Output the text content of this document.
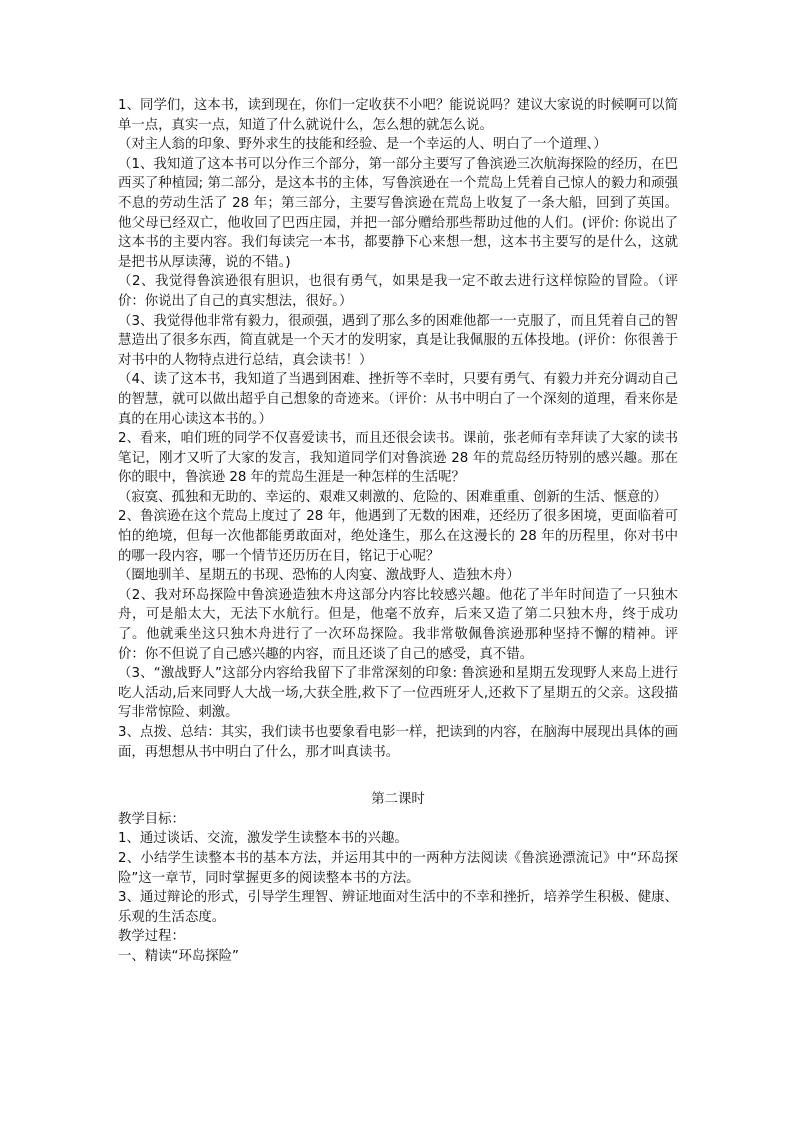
1、同学们，这本书，读到现在，你们一定收获不小吧？能说说吗？建议大家说的时候啊可以简单一点，真实一点，知道了什么就说什么，怎么想的就怎么说。

（对主人翁的印象、野外求生的技能和经验、是一个幸运的人、明白了一个道理、）

（1、我知道了这本书可以分作三个部分，第一部分主要写了鲁滨逊三次航海探险的经历，在巴西买了种植园; 第二部分，是这本书的主体，写鲁滨逊在一个荒岛上凭着自己惊人的毅力和顽强不息的劳动生活了 28 年；第三部分，主要写鲁滨逊在荒岛上收复了一条大船，回到了英国。他父母已经双亡，他收回了巴西庄园，并把一部分赠给那些帮助过他的人们。(评价: 你说出了这本书的主要内容。我们每读完一本书，都要静下心来想一想，这本书主要写的是什么，这就是把书从厚读薄，说的不错。)

（2、我觉得鲁滨逊很有胆识，也很有勇气，如果是我一定不敢去进行这样惊险的冒险。（评价：你说出了自己的真实想法，很好。）

（3、我觉得他非常有毅力，很顽强，遇到了那么多的困难他都一一克服了，而且凭着自己的智慧造出了很多东西，简直就是一个天才的发明家，真是让我佩服的五体投地。(评价：你很善于对书中的人物特点进行总结，真会读书！）

（4、读了这本书，我知道了当遇到困难、挫折等不幸时，只要有勇气、有毅力并充分调动自己的智慧，就可以做出超乎自己想象的奇迹来。（评价：从书中明白了一个深刻的道理，看来你是真的在用心读这本书的。）

2、看来，咱们班的同学不仅喜爱读书，而且还很会读书。课前，张老师有幸拜读了大家的读书笔记，刚才又听了大家的发言，我知道同学们对鲁滨逊 28 年的荒岛经历特别的感兴趣。那在你的眼中，鲁滨逊 28 年的荒岛生涯是一种怎样的生活呢？

（寂寞、孤独和无助的、幸运的、艰难又刺激的、危险的、困难重重、创新的生活、惬意的）

2、鲁滨逊在这个荒岛上度过了 28 年，他遇到了无数的困难，还经历了很多困境，更面临着可怕的绝境，但每一次他都能勇敢面对，绝处逢生，那么在这漫长的 28 年的历程里，你对书中的哪一段内容，哪一个情节还历历在目，铭记于心呢？

（圈地驯羊、星期五的书现、恐怖的人肉宴、激战野人、造独木舟）

（2、我对环岛探险中鲁滨逊造独木舟这部分内容比较感兴趣。他花了半年时间造了一只独木舟，可是船太大，无法下水航行。但是，他毫不放弃，后来又造了第二只独木舟，终于成功了。他就乘坐这只独木舟进行了一次环岛探险。我非常敬佩鲁滨逊那种坚持不懈的精神。评价：你不但说了自己感兴趣的内容，而且还谈了自己的感受，真不错。

（3、“激战野人”这部分内容给我留下了非常深刻的印象: 鲁滨逊和星期五发现野人来岛上进行吃人活动,后来同野人大战一场,大获全胜,救下了一位西班牙人,还救下了星期五的父亲。这段描写非常惊险、刺激。

3、点拨、总结：其实，我们读书也要象看电影一样，把读到的内容，在脑海中展现出具体的画面，再想想从书中明白了什么，那才叫真读书。

第二课时

教学目标：

1、通过谈话、交流，激发学生读整本书的兴趣。

2、小结学生读整本书的基本方法，并运用其中的一两种方法阅读《鲁滨逊漂流记》中“环岛探险”这一章节，同时掌握更多的阅读整本书的方法。

3、通过辩论的形式，引导学生理智、辨证地面对生活中的不幸和挫折，培养学生积极、健康、乐观的生活态度。

教学过程：

一、精读“环岛探险”
